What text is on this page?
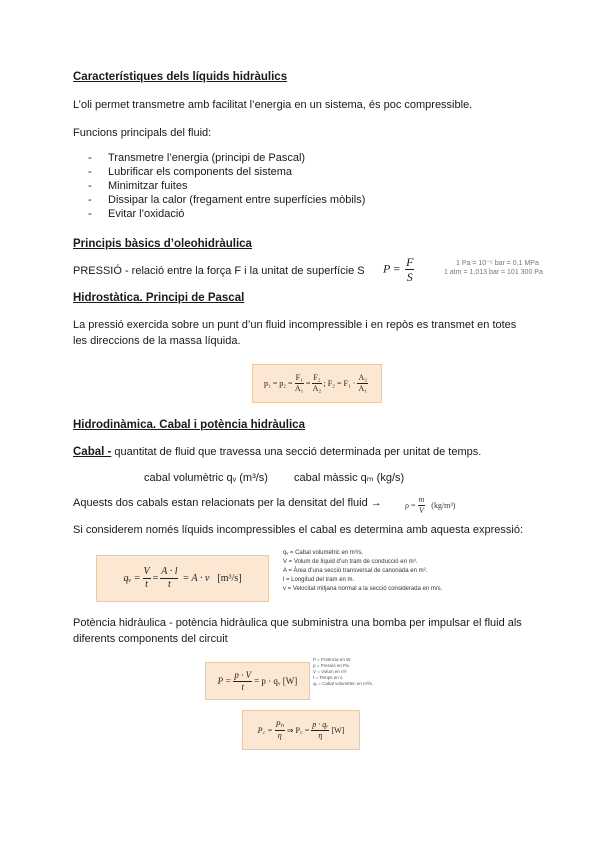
Característiques dels líquids hidràulics
L’oli permet transmetre amb facilitat l’energia en un sistema, és poc compressible.
Funcions principals del fluid:
- Transmetre l’energia (principi de Pascal)
- Lubrificar els components del sistema
- Minimitzar fuites
- Dissipar la calor (fregament entre superfícies mòbils)
- Evitar l’oxidació
Principis bàsics d’oleohidràulica
PRESSIÓ - relació entre la força F i la unitat de superfície S $P = \frac{F}{S}$	1 Pa = 10⁻⁵ bar = 0,1 MPa
1 atm = 1,013 bar = 101 300 Pa
Hidrostàtica. Principi de Pascal
La pressió exercida sobre un punt d’un fluid incompressible i en repòs es transmet en totes les direccions de la massa líquida.
$p_1 = p_2 = \frac{\text{F₁}}{\text{A₁}} = \frac{\text{F₂}}{\text{A₂}}$ ; $F_2 = F_1 \cdot \frac{\text{A₂}}{\text{A₁}}$
Hidrodinàmica. Cabal i potència hidràulica
Cabal - quantitat de fluid que travessa una secció determinada per unitat de temps.
cabal volumètric qᵥ (m³/s) cabal màssic qₘ (kg/s)
Aquests dos cabals estan relacionats per la densitat del fluid →	$\rho = \frac{m}{V} (kg/m^3)$
Si considerem només líquids incompressibles el cabal es determina amb aquesta expressió:
qᵥ = $\frac{V}{t} = \frac{A \cdot l}{t} = A \cdot v$ [m³/s]
qᵥ = Cabal volumètric en m³/s.
V = Volum de líquid d’un tram de conducció en m³.
A = Àrea d’una secció transversal de canonada en m².
l = Longitud del tram en m.
v = Velocitat mitjana normal a la secció considerada en m/s.
Potència hidràulica - potència hidràulica que subministra una bomba per impulsar el fluid als diferents components del circuit
$P = \frac{p \cdot V}{t} = p$ · qᵥ [W]
P = Potència en W.
p = Pressió en Pa.
V = Volum en m³.
t = Temps en s.
qᵥ = Cabal volumètric en m³/s.
P꜀ = $\frac{\text{Pₕ}}{\eta}$ ⇒ P꜀ = $\frac{\text{p · qᵥ}}{\eta} [W]$
